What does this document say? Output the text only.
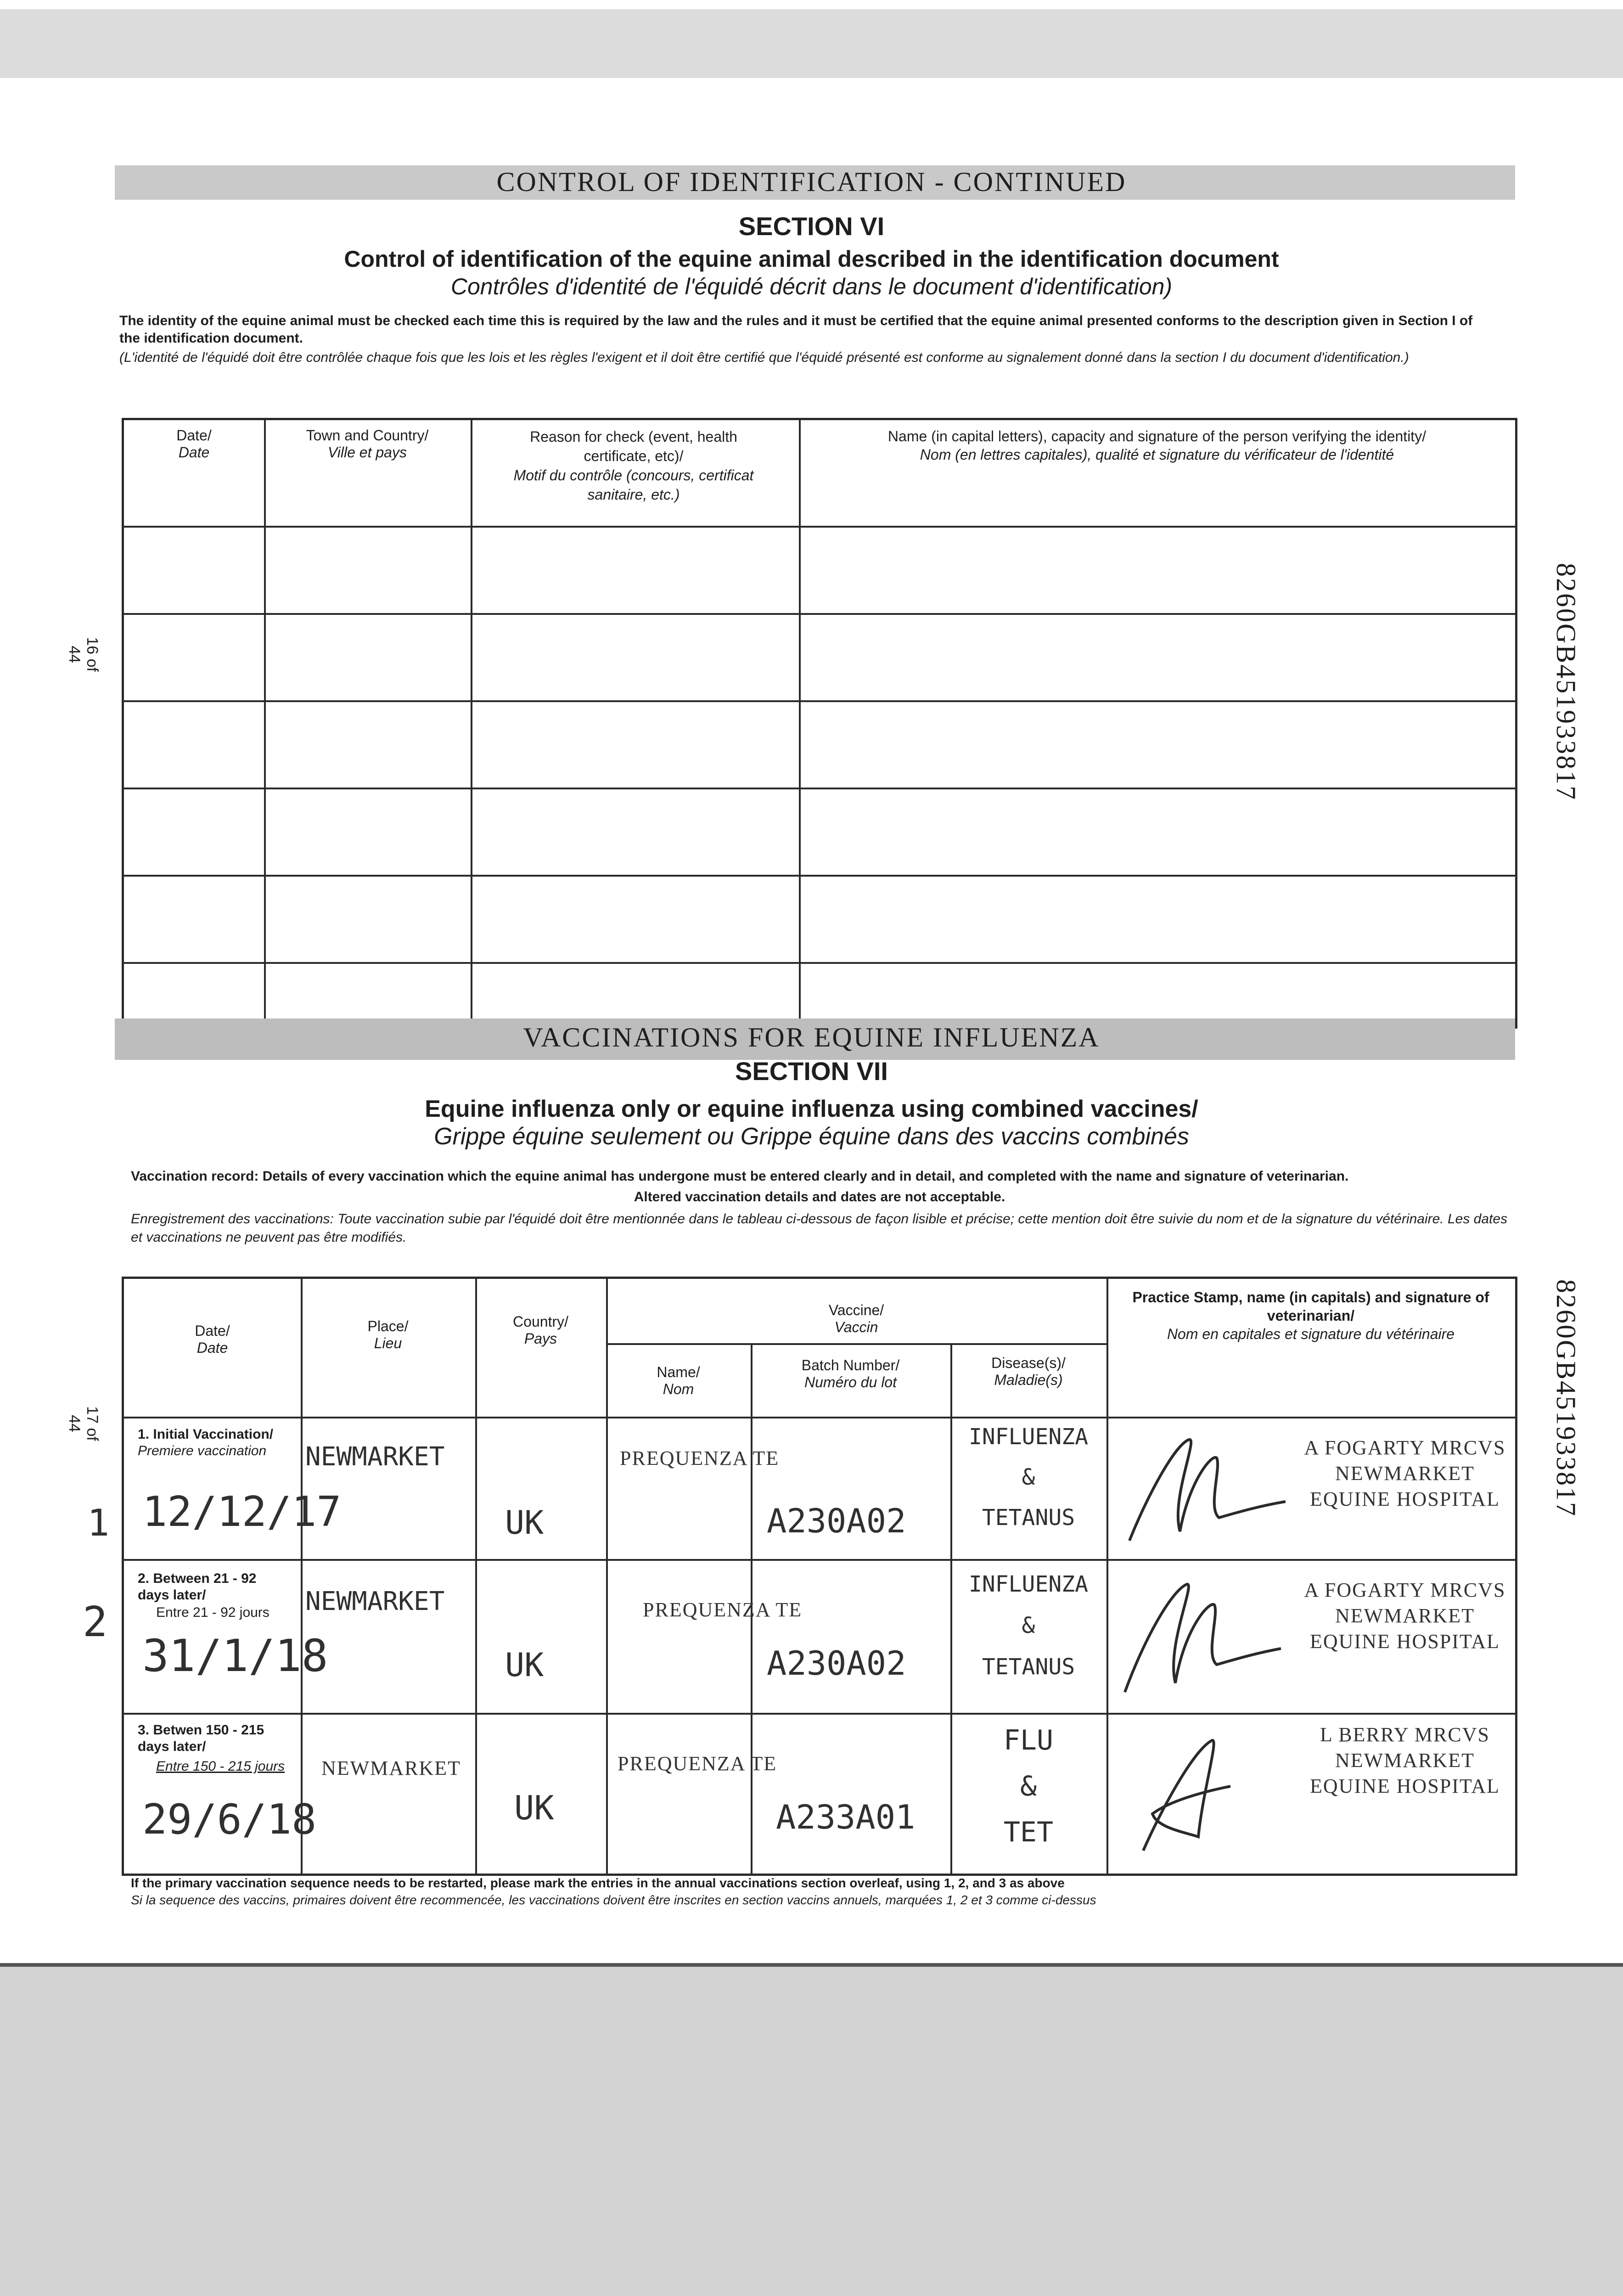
CONTROL OF IDENTIFICATION - CONTINUED
SECTION VI
Control of identification of the equine animal described in the identification document
Contrôles d'identité de l'équidé décrit dans le document d'identification)
The identity of the equine animal must be checked each time this is required by the law and the rules and it must be certified that the equine animal presented conforms to the description given in Section I of the identification document.
(L'identité de l'équidé doit être contrôlée chaque fois que les lois et les règles l'exigent et il doit être certifié que l'équidé présenté est conforme au signalement donné dans la section I du document d'identification.)
Date/
Date
Town and Country/
Ville et pays
Reason for check (event, health certificate, etc)/
Motif du contrôle (concours, certificat sanitaire, etc.)
Name (in capital letters), capacity and signature of the person verifying the identity/
Nom (en lettres capitales), qualité et signature du vérificateur de l'identité
16 of 44	8260GB451933817
VACCINATIONS FOR EQUINE INFLUENZA
SECTION VII
Equine influenza only or equine influenza using combined vaccines/
Grippe équine seulement ou Grippe équine dans des vaccins combinés
Vaccination record: Details of every vaccination which the equine animal has undergone must be entered clearly and in detail, and completed with the name and signature of veterinarian.
Altered vaccination details and dates are not acceptable.
Enregistrement des vaccinations: Toute vaccination subie par l'équidé doit être mentionnée dans le tableau ci-dessous de façon lisible et précise; cette mention doit être suivie du nom et de la signature du vétérinaire. Les dates et vaccinations ne peuvent pas être modifiés.
Date/
Date
Place/
Lieu
Country/
Pays
Vaccine/
Vaccin
Name/
Nom
Batch Number/
Numéro du lot
Disease(s)/
Maladie(s)
Practice Stamp, name (in capitals) and signature of veterinarian/
Nom en capitales et signature du vétérinaire
1. Initial Vaccination/
Premiere vaccination
12/12/17
NEWMARKET
UK
PREQUENZA TE
A230A02
INFLUENZA
&
TETANUS
A FOGARTY MRCVS
NEWMARKET
EQUINE HOSPITAL
2. Between 21 - 92 days later/
Entre 21 - 92 jours
31/1/18
NEWMARKET
UK
PREQUENZA TE
A230A02
INFLUENZA
&
TETANUS
A FOGARTY MRCVS
NEWMARKET
EQUINE HOSPITAL
3. Betwen 150 - 215 days later/
Entre 150 - 215 jours
29/6/18
NEWMARKET
UK
PREQUENZA TE
A233A01
FLU
&
TET
L BERRY MRCVS
NEWMARKET
EQUINE HOSPITAL
1
2
17 of 44	8260GB451933817
If the primary vaccination sequence needs to be restarted, please mark the entries in the annual vaccinations section overleaf, using 1, 2, and 3 as above
Si la sequence des vaccins, primaires doivent être recommencée, les vaccinations doivent être inscrites en section vaccins annuels, marquées 1, 2 et 3 comme ci-dessus
